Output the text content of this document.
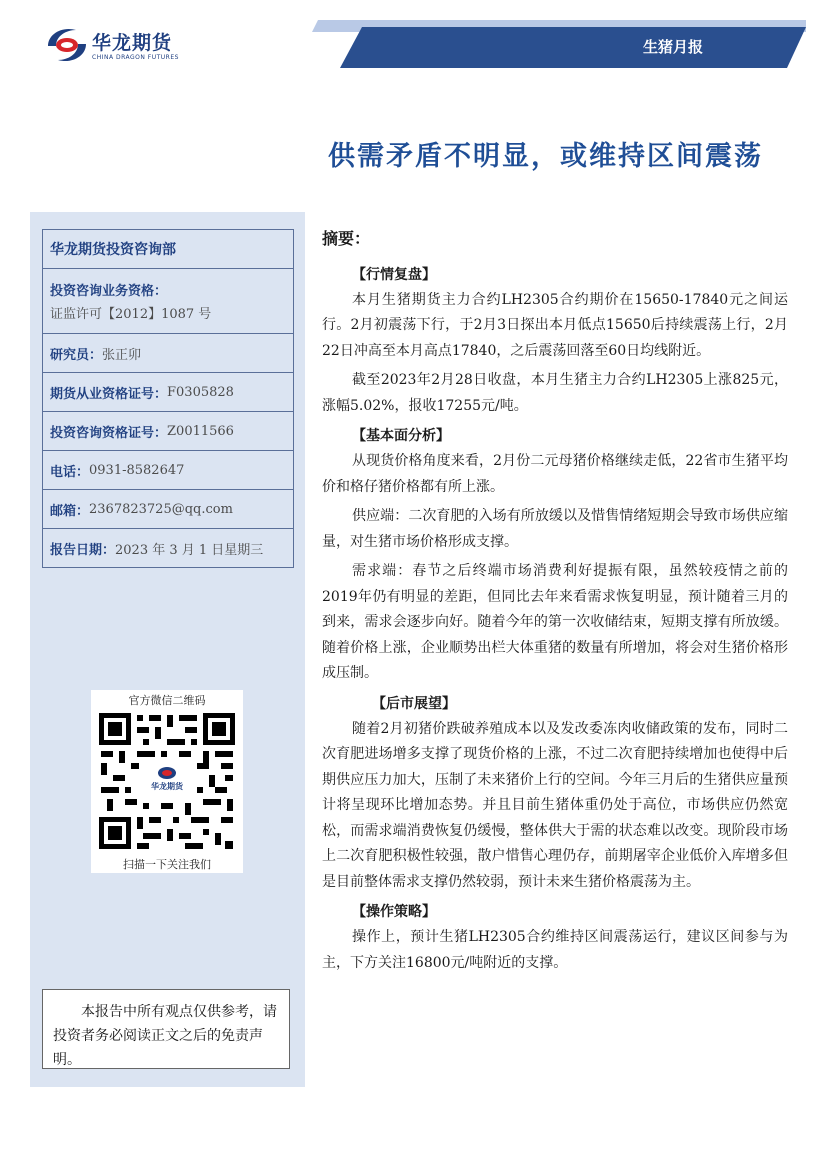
华龙期货
CHINA DRAGON FUTURES
生猪月报
供需矛盾不明显，或维持区间震荡
华龙期货投资咨询部
投资咨询业务资格：
证监许可【2012】1087 号
研究员： 张正卯
期货从业资格证号： F0305828
投资咨询资格证号： Z0011566
电话： 0931-8582647
邮箱： 2367823725@qq.com
报告日期： 2023 年 3 月 1 日星期三
官方微信二维码
华龙期货
扫描一下关注我们
本报告中所有观点仅供参考，请投资者务必阅读正文之后的免责声明。
摘要：
【行情复盘】

本月生猪期货主力合约LH2305合约期价在15650-17840元之间运行。2月初震荡下行，于2月3日探出本月低点15650后持续震荡上行，2月22日冲高至本月高点17840，之后震荡回落至60日均线附近。

截至2023年2月28日收盘，本月生猪主力合约LH2305上涨825元，涨幅5.02%，报收17255元/吨。

【基本面分析】

从现货价格角度来看，2月份二元母猪价格继续走低，22省市生猪平均价和格仔猪价格都有所上涨。

供应端：二次育肥的入场有所放缓以及惜售情绪短期会导致市场供应缩量，对生猪市场价格形成支撑。

需求端：春节之后终端市场消费利好提振有限，虽然较疫情之前的2019年仍有明显的差距，但同比去年来看需求恢复明显，预计随着三月的到来，需求会逐步向好。随着今年的第一次收储结束，短期支撑有所放缓。随着价格上涨，企业顺势出栏大体重猪的数量有所增加，将会对生猪价格形成压制。

【后市展望】

随着2月初猪价跌破养殖成本以及发改委冻肉收储政策的发布，同时二次育肥进场增多支撑了现货价格的上涨，不过二次育肥持续增加也使得中后期供应压力加大，压制了未来猪价上行的空间。今年三月后的生猪供应量预计将呈现环比增加态势。并且目前生猪体重仍处于高位，市场供应仍然宽松，而需求端消费恢复仍缓慢，整体供大于需的状态难以改变。现阶段市场上二次育肥积极性较强，散户惜售心理仍存，前期屠宰企业低价入库增多但是目前整体需求支撑仍然较弱，预计未来生猪价格震荡为主。

【操作策略】

操作上，预计生猪LH2305合约维持区间震荡运行，建议区间参与为主，下方关注16800元/吨附近的支撑。
